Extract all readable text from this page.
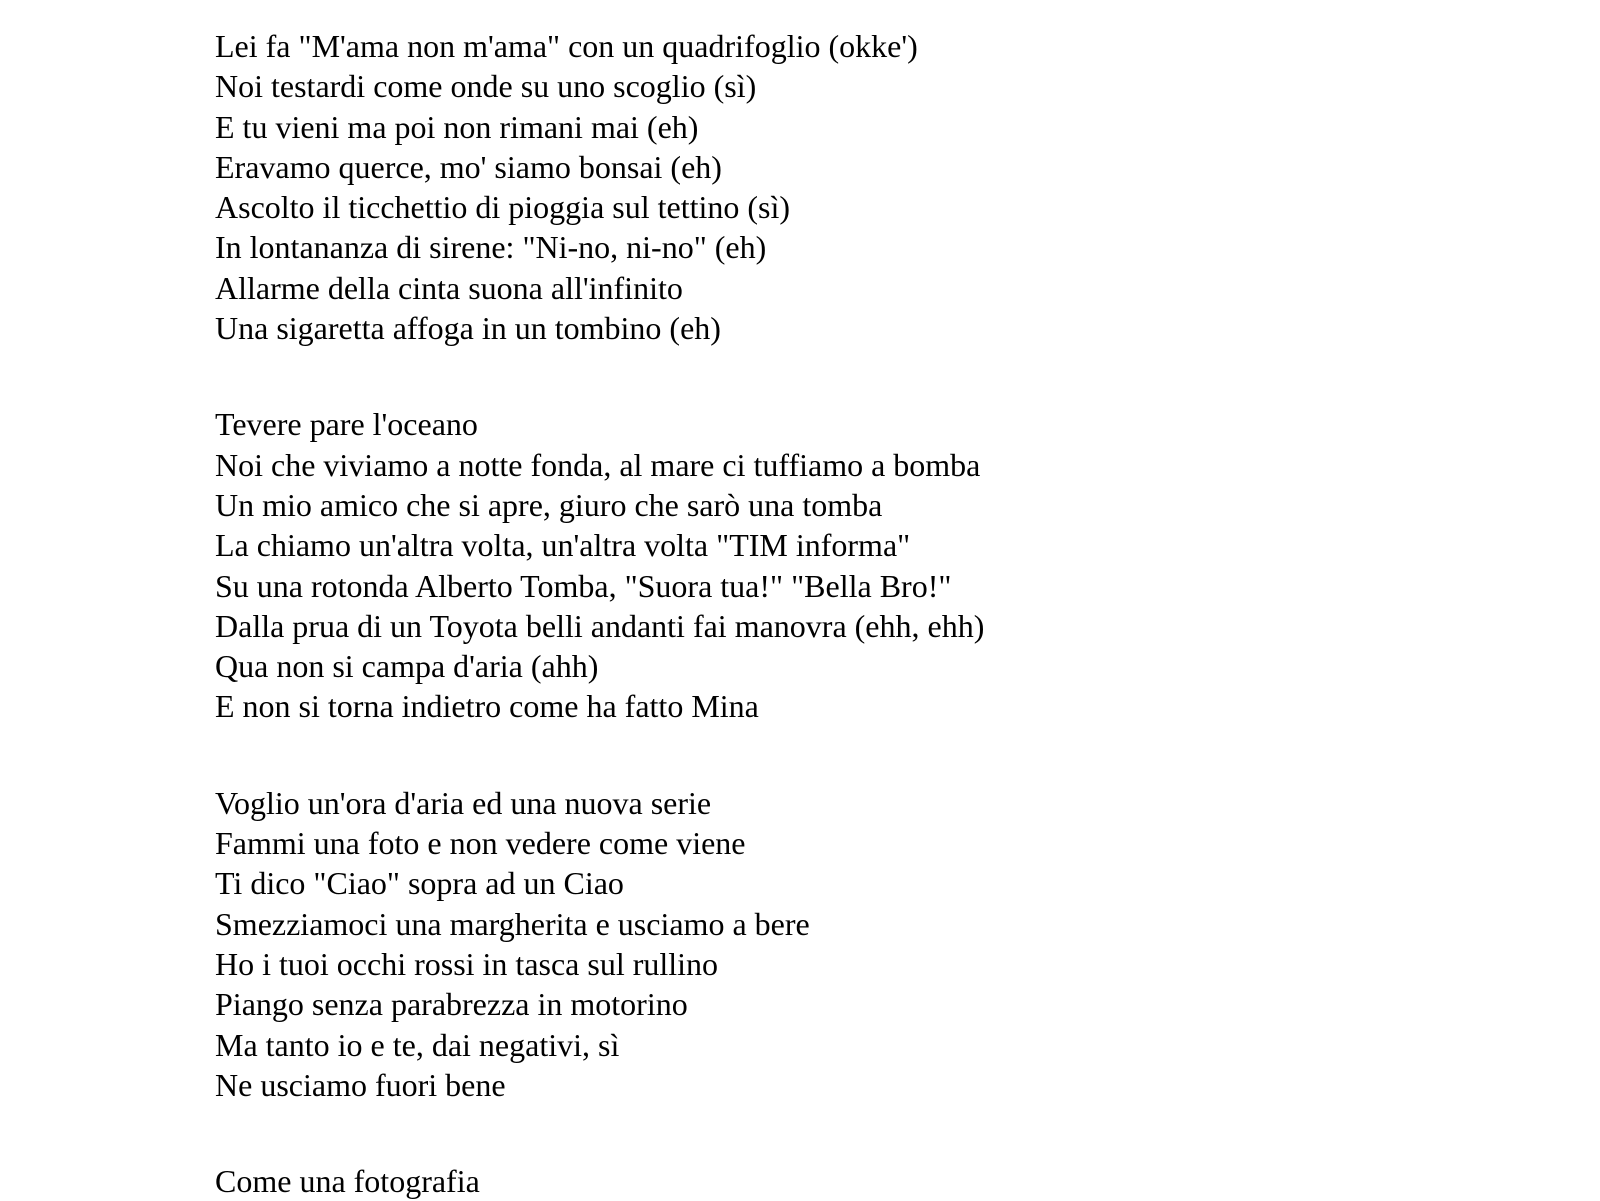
Lei fa "M'ama non m'ama" con un quadrifoglio (okke')
Noi testardi come onde su uno scoglio (sì)
E tu vieni ma poi non rimani mai (eh)
Eravamo querce, mo' siamo bonsai (eh)
Ascolto il ticchettio di pioggia sul tettino (sì)
In lontananza di sirene: "Ni-no, ni-no" (eh)
Allarme della cinta suona all'infinito
Una sigaretta affoga in un tombino (eh)
Tevere pare l'oceano
Noi che viviamo a notte fonda, al mare ci tuffiamo a bomba
Un mio amico che si apre, giuro che sarò una tomba
La chiamo un'altra volta, un'altra volta "TIM informa"
Su una rotonda Alberto Tomba, "Suora tua!" "Bella Bro!"
Dalla prua di un Toyota belli andanti fai manovra (ehh, ehh)
Qua non si campa d'aria (ahh)
E non si torna indietro come ha fatto Mina
Voglio un'ora d'aria ed una nuova serie
Fammi una foto e non vedere come viene
Ti dico "Ciao" sopra ad un Ciao
Smezziamoci una margherita e usciamo a bere
Ho i tuoi occhi rossi in tasca sul rullino
Piango senza parabrezza in motorino
Ma tanto io e te, dai negativi, sì
Ne usciamo fuori bene
Come una fotografia
